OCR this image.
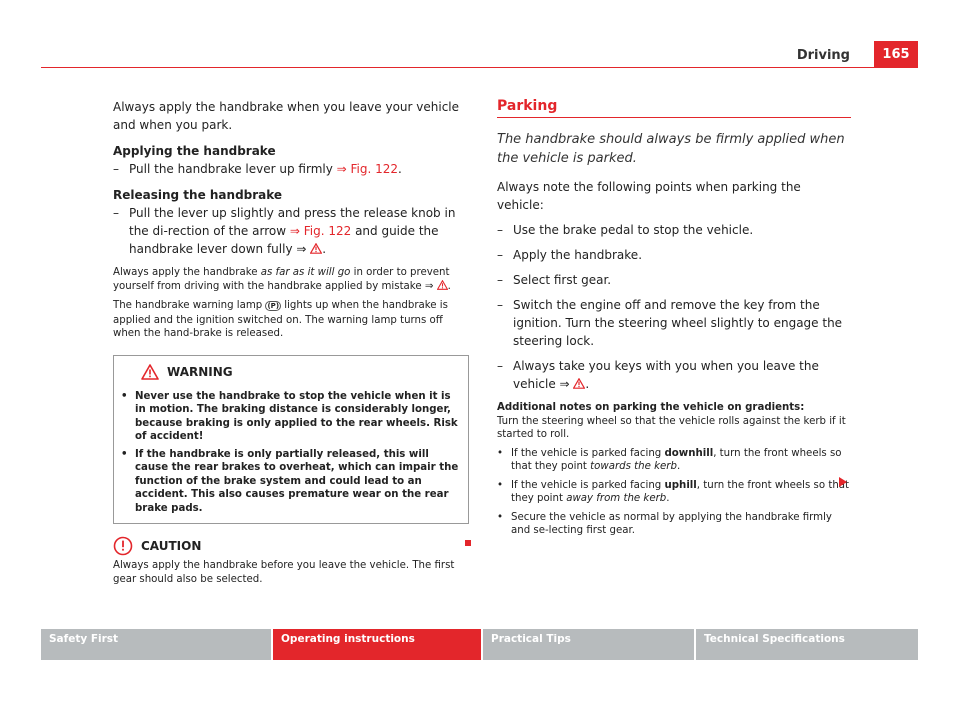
Driving	165

Always apply the handbrake when you leave your vehicle and when you park.

Applying the handbrake

– Pull the handbrake lever up firmly ⇒ Fig. 122.

Releasing the handbrake

– Pull the lever up slightly and press the release knob in the di-rection of the arrow ⇒ Fig. 122 and guide the handbrake lever down fully ⇒ .

Always apply the handbrake as far as it will go in order to prevent yourself from driving with the handbrake applied by mistake ⇒ .

The handbrake warning lamp (P) lights up when the handbrake is applied and the ignition switched on. The warning lamp turns off when the hand-brake is released.

WARNING
• Never use the handbrake to stop the vehicle when it is in motion. The braking distance is considerably longer, because braking is only applied to the rear wheels. Risk of accident!
• If the handbrake is only partially released, this will cause the rear brakes to overheat, which can impair the function of the brake system and could lead to an accident. This also causes premature wear on the rear brake pads.
CAUTION

Always apply the handbrake before you leave the vehicle. The first gear should also be selected.

Parking

The handbrake should always be firmly applied when the vehicle is parked.

Always note the following points when parking the vehicle:

– Use the brake pedal to stop the vehicle.
– Apply the handbrake.
– Select first gear.
– Switch the engine off and remove the key from the ignition. Turn the steering wheel slightly to engage the steering lock.
– Always take you keys with you when you leave the vehicle ⇒ .

Additional notes on parking the vehicle on gradients:

Turn the steering wheel so that the vehicle rolls against the kerb if it started to roll.

• If the vehicle is parked facing downhill, turn the front wheels so that they point towards the kerb.
• If the vehicle is parked facing uphill, turn the front wheels so that they point away from the kerb.
• Secure the vehicle as normal by applying the handbrake firmly and se-lecting first gear.
Safety First	Operating instructions	Practical Tips	Technical Specifications
